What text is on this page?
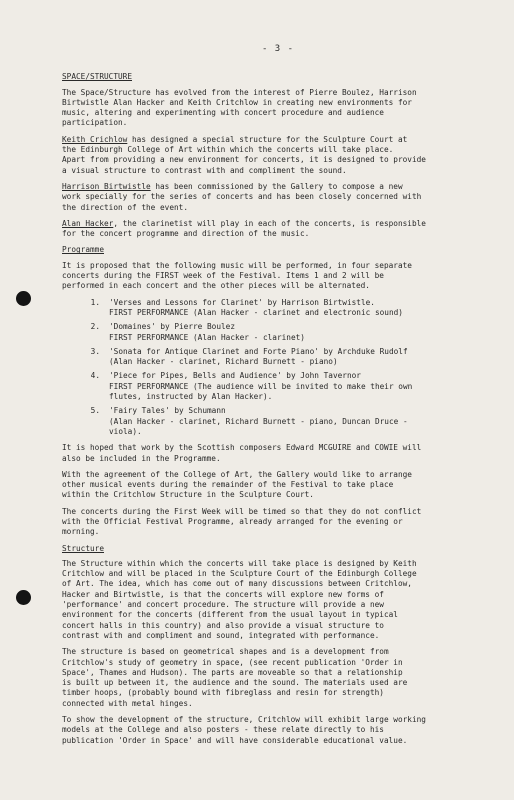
- 3 -
SPACE/STRUCTURE

The Space/Structure has evolved from the interest of Pierre Boulez, Harrison
Birtwistle Alan Hacker and Keith Critchlow in creating new environments for
music, altering and experimenting with concert procedure and audience
participation.

Keith Crichlow has designed a special structure for the Sculpture Court at
the Edinburgh College of Art within which the concerts will take place.
Apart from providing a new environment for concerts, it is designed to provide
a visual structure to contrast with and compliment the sound.

Harrison Birtwistle has been commissioned by the Gallery to compose a new
work specially for the series of concerts and has been closely concerned with
the direction of the event.

Alan Hacker, the clarinetist will play in each of the concerts, is responsible
for the concert programme and direction of the music.

Programme

It is proposed that the following music will be performed, in four separate
concerts during the FIRST week of the Festival. Items 1 and 2 will be
performed in each concert and the other pieces will be alternated.

1.	'Verses and Lessons for Clarinet' by Harrison Birtwistle.
FIRST PERFORMANCE (Alan Hacker - clarinet and electronic sound)
2.	'Domaines' by Pierre Boulez
FIRST PERFORMANCE (Alan Hacker - clarinet)
3.	'Sonata for Antique Clarinet and Forte Piano' by Archduke Rudolf
(Alan Hacker - clarinet, Richard Burnett - piano)
4.	'Piece for Pipes, Bells and Audience' by John Tavernor
FIRST PERFORMANCE (The audience will be invited to make their own
flutes, instructed by Alan Hacker).
5.	'Fairy Tales' by Schumann
(Alan Hacker - clarinet, Richard Burnett - piano, Duncan Druce -
viola).

It is hoped that work by the Scottish composers Edward MCGUIRE and COWIE will
also be included in the Programme.

With the agreement of the College of Art, the Gallery would like to arrange
other musical events during the remainder of the Festival to take place
within the Critchlow Structure in the Sculpture Court.

The concerts during the First Week will be timed so that they do not conflict
with the Official Festival Programme, already arranged for the evening or
morning.

Structure

The Structure within which the concerts will take place is designed by Keith
Critchlow and will be placed in the Sculpture Court of the Edinburgh College
of Art. The idea, which has come out of many discussions between Critchlow,
Hacker and Birtwistle, is that the concerts will explore new forms of
'performance' and concert procedure. The structure will provide a new
environment for the concerts (different from the usual layout in typical
concert halls in this country) and also provide a visual structure to
contrast with and compliment and sound, integrated with performance.

The structure is based on geometrical shapes and is a development from
Critchlow's study of geometry in space, (see recent publication 'Order in
Space', Thames and Hudson). The parts are moveable so that a relationship
is built up between it, the audience and the sound. The materials used are
timber hoops, (probably bound with fibreglass and resin for strength)
connected with metal hinges.

To show the development of the structure, Critchlow will exhibit large working
models at the College and also posters - these relate directly to his
publication 'Order in Space' and will have considerable educational value.
